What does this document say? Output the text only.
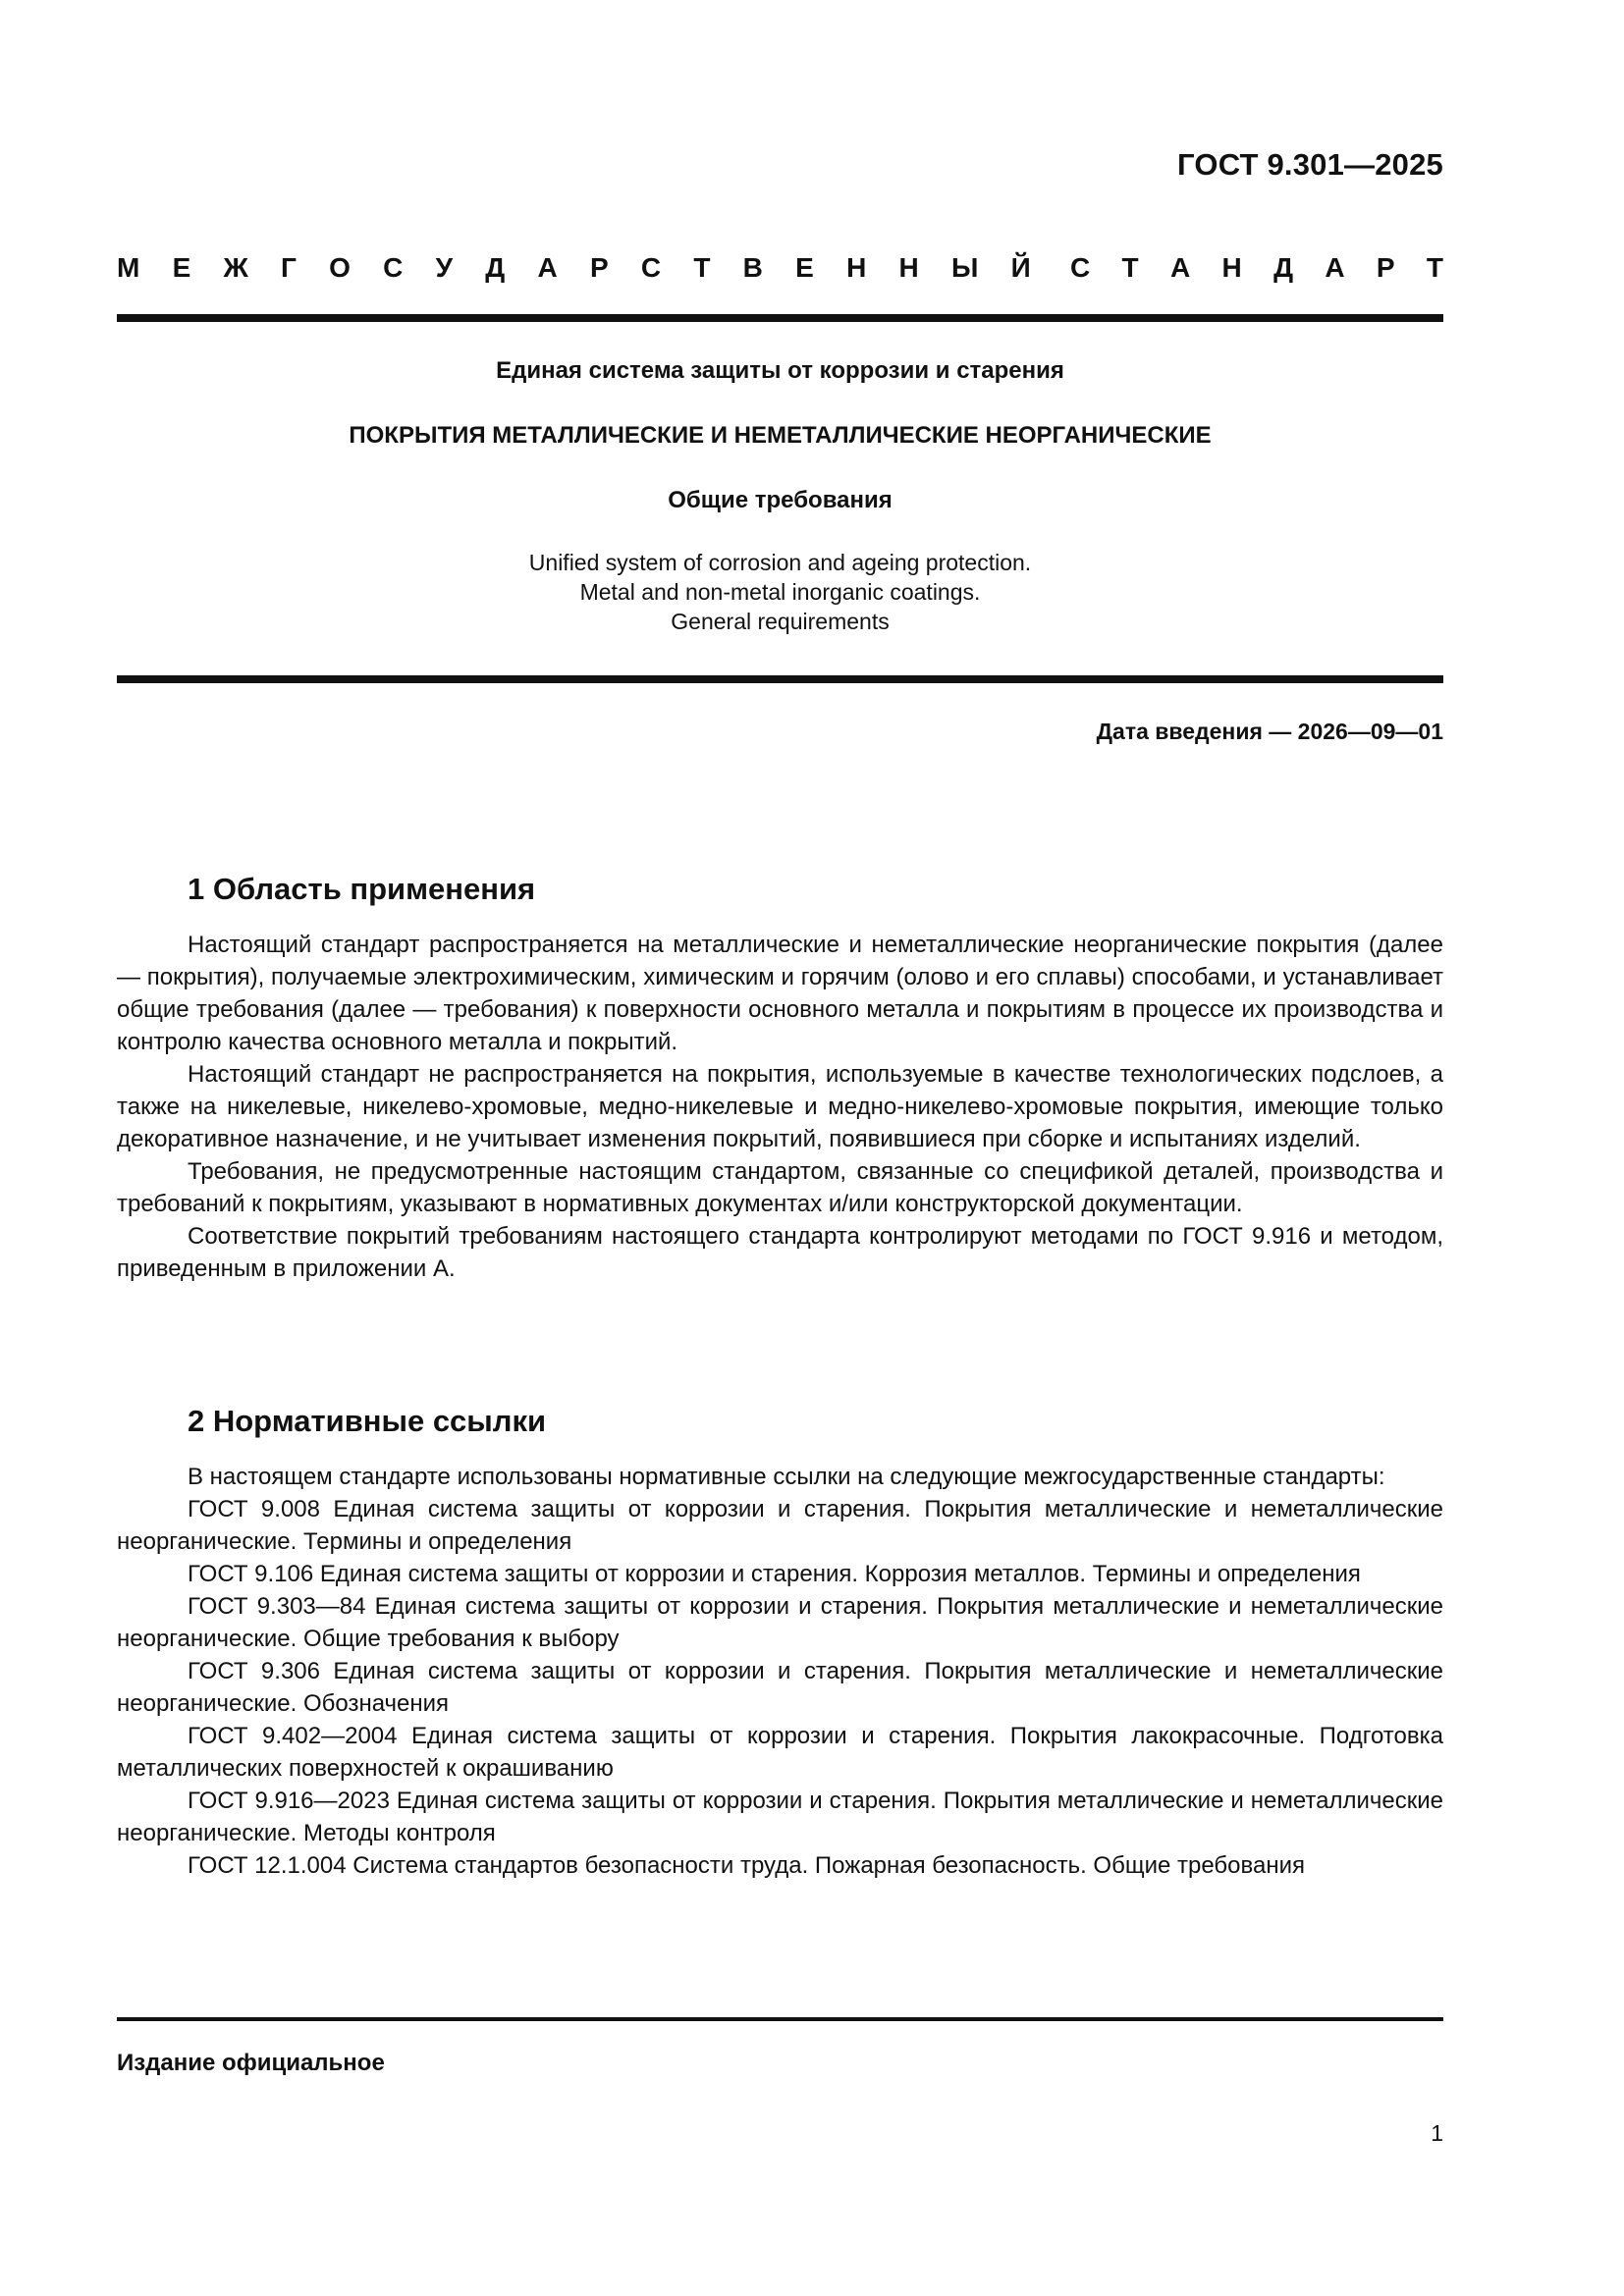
ГОСТ 9.301—2025
М Е Ж Г О С У Д А Р С Т В Е Н Н Ы Й С Т А Н Д А Р Т
Единая система защиты от коррозии и старения
ПОКРЫТИЯ МЕТАЛЛИЧЕСКИЕ И НЕМЕТАЛЛИЧЕСКИЕ НЕОРГАНИЧЕСКИЕ
Общие требования
Unified system of corrosion and ageing protection.
Metal and non-metal inorganic coatings.
General requirements
Дата введения — 2026—09—01
1 Область применения

Настоящий стандарт распространяется на металлические и неметаллические неорганические покрытия (далее — покрытия), получаемые электрохимическим, химическим и горячим (олово и его сплавы) способами, и устанавливает общие требования (далее — требования) к поверхности основного металла и покрытиям в процессе их производства и контролю качества основного металла и покрытий.

Настоящий стандарт не распространяется на покрытия, используемые в качестве технологических подслоев, а также на никелевые, никелево-хромовые, медно-никелевые и медно-никелево-хромовые покрытия, имеющие только декоративное назначение, и не учитывает изменения покрытий, появившиеся при сборке и испытаниях изделий.

Требования, не предусмотренные настоящим стандартом, связанные со спецификой деталей, производства и требований к покрытиям, указывают в нормативных документах и/или конструкторской документации.

Соответствие покрытий требованиям настоящего стандарта контролируют методами по ГОСТ 9.916 и методом, приведенным в приложении А.

2 Нормативные ссылки

В настоящем стандарте использованы нормативные ссылки на следующие межгосударственные стандарты:

ГОСТ 9.008 Единая система защиты от коррозии и старения. Покрытия металлические и неметаллические неорганические. Термины и определения

ГОСТ 9.106 Единая система защиты от коррозии и старения. Коррозия металлов. Термины и определения

ГОСТ 9.303—84 Единая система защиты от коррозии и старения. Покрытия металлические и неметаллические неорганические. Общие требования к выбору

ГОСТ 9.306 Единая система защиты от коррозии и старения. Покрытия металлические и неметаллические неорганические. Обозначения

ГОСТ 9.402—2004 Единая система защиты от коррозии и старения. Покрытия лакокрасочные. Подготовка металлических поверхностей к окрашиванию

ГОСТ 9.916—2023 Единая система защиты от коррозии и старения. Покрытия металлические и неметаллические неорганические. Методы контроля

ГОСТ 12.1.004 Система стандартов безопасности труда. Пожарная безопасность. Общие требования

Издание официальное
1
